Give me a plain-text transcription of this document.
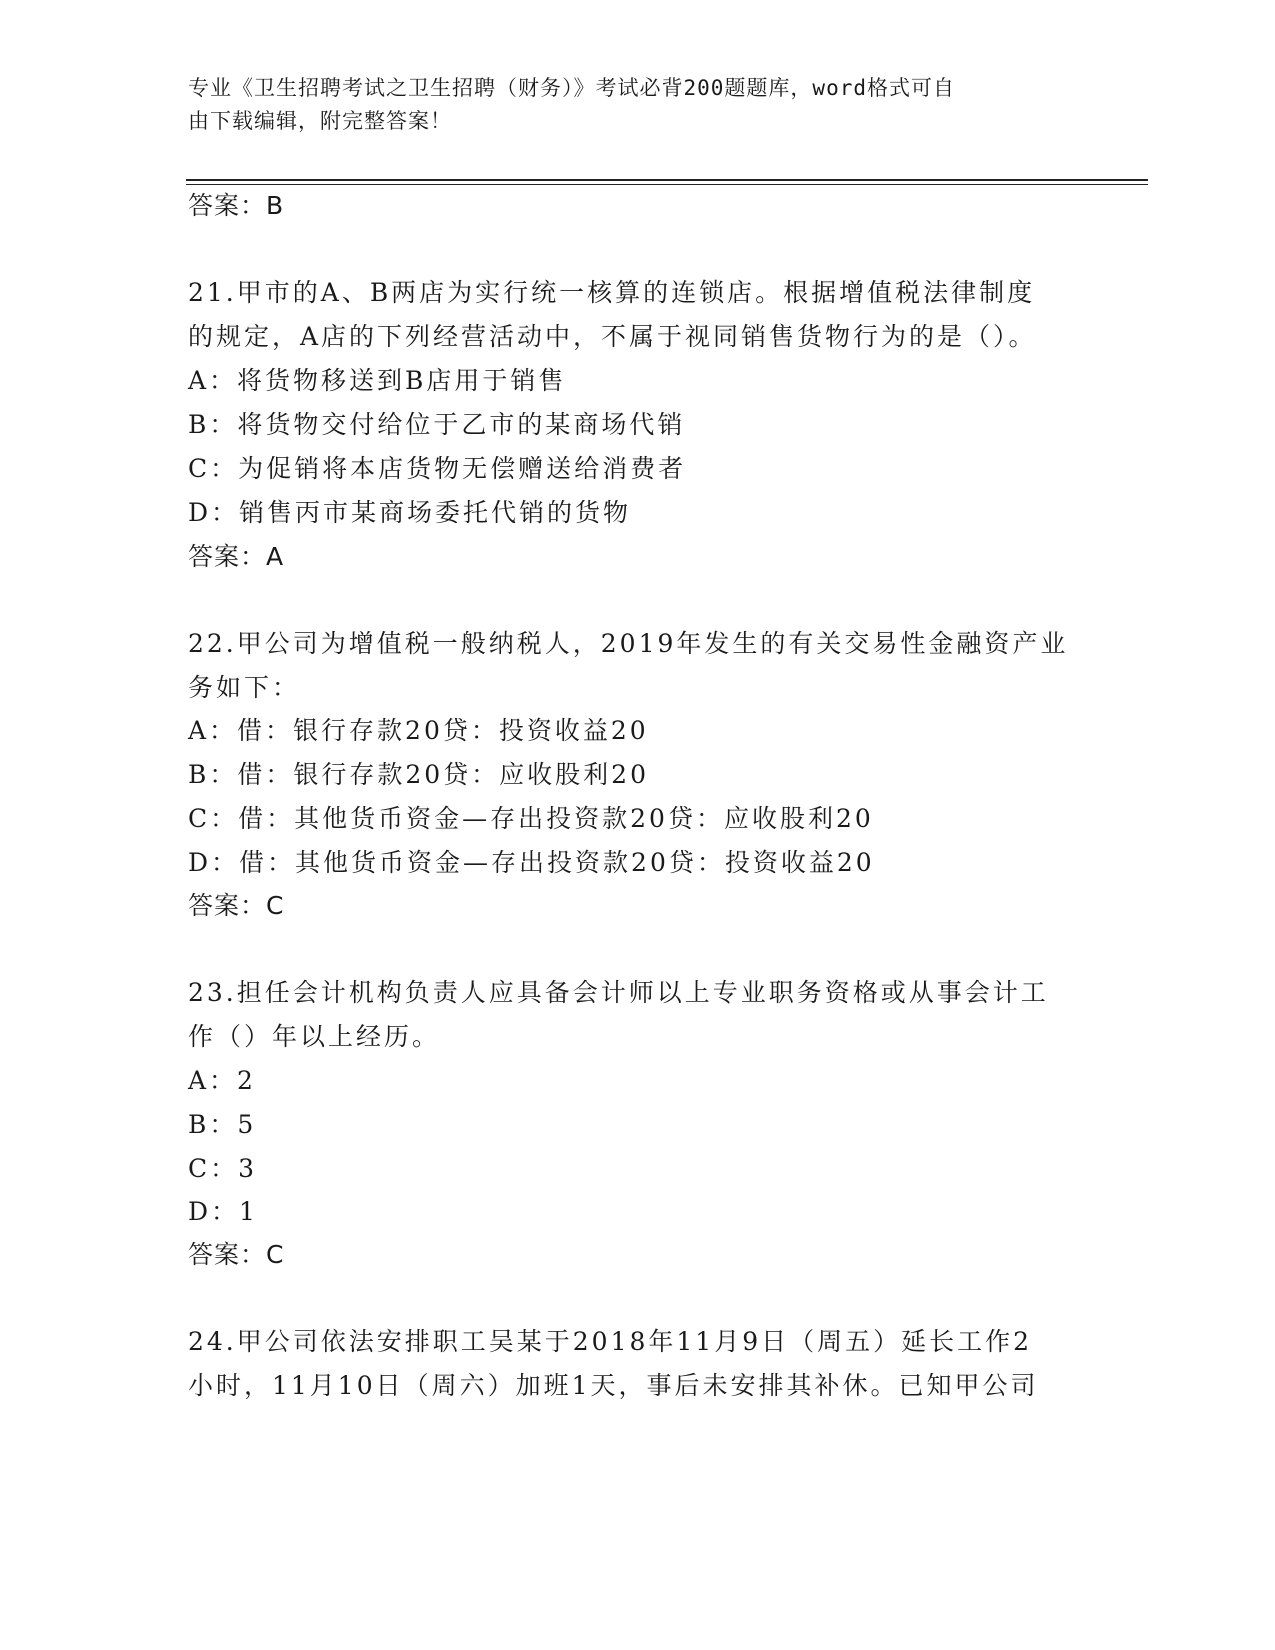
专业《卫生招聘考试之卫生招聘（财务）》考试必背200题题库，word格式可自
由下载编辑，附完整答案！
答案：B
21.甲市的A、B两店为实行统一核算的连锁店。根据增值税法律制度
的规定，A店的下列经营活动中，不属于视同销售货物行为的是（）。
A：将货物移送到B店用于销售
B：将货物交付给位于乙市的某商场代销
C：为促销将本店货物无偿赠送给消费者
D：销售丙市某商场委托代销的货物
答案：A
22.甲公司为增值税一般纳税人，2019年发生的有关交易性金融资产业
务如下：
A：借：银行存款20贷：投资收益20
B：借：银行存款20贷：应收股利20
C：借：其他货币资金—存出投资款20贷：应收股利20
D：借：其他货币资金—存出投资款20贷：投资收益20
答案：C
23.担任会计机构负责人应具备会计师以上专业职务资格或从事会计工
作（）年以上经历。
A：2
B：5
C：3
D：1
答案：C
24.甲公司依法安排职工吴某于2018年11月9日（周五）延长工作2
小时，11月10日（周六）加班1天，事后未安排其补休。已知甲公司
